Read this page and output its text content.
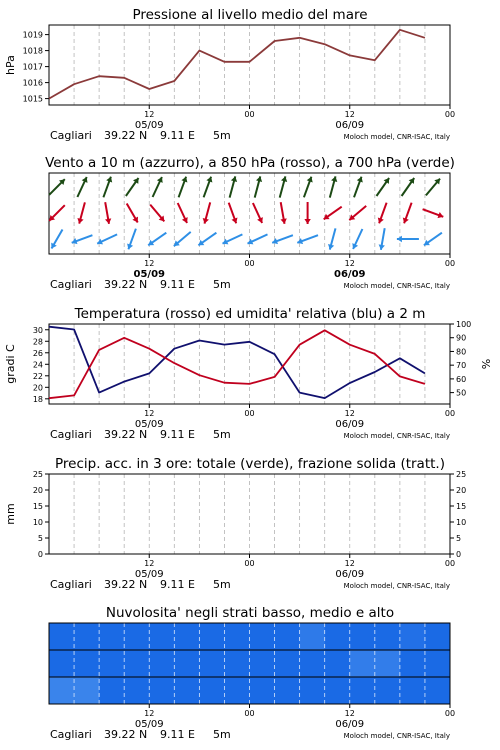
Pressione al livello medio del mare
12	00	12	00
05/09	06/09
Cagliari 39.22 N 9.11 E 5m	Moloch model, CNR-ISAC, Italy
1015
1016
1017
1018
1019
hPa
Vento a 10 m (azzurro), a 850 hPa (rosso), a 700 hPa (verde)
12	00	12	00
05/09	06/09
Cagliari 39.22 N 9.11 E 5m	Moloch model, CNR-ISAC, Italy
Temperatura (rosso) ed umidita' relativa (blu) a 2 m
12	00	12	00
05/09	06/09
Cagliari 39.22 N 9.11 E 5m	Moloch model, CNR-ISAC, Italy
18
20
22
24
26
28
30
50
60
70
80
90
100
gradi C	%
Precip. acc. in 3 ore: totale (verde), frazione solida (tratt.)
12	00	12	00
05/09	06/09
Cagliari 39.22 N 9.11 E 5m	Moloch model, CNR-ISAC, Italy
0
5
10
15
20
25
0
5
10
15
20
25
mm
Nuvolosita' negli strati basso, medio e alto
12	00	12	00
05/09	06/09
Cagliari 39.22 N 9.11 E 5m	Moloch model, CNR-ISAC, Italy
